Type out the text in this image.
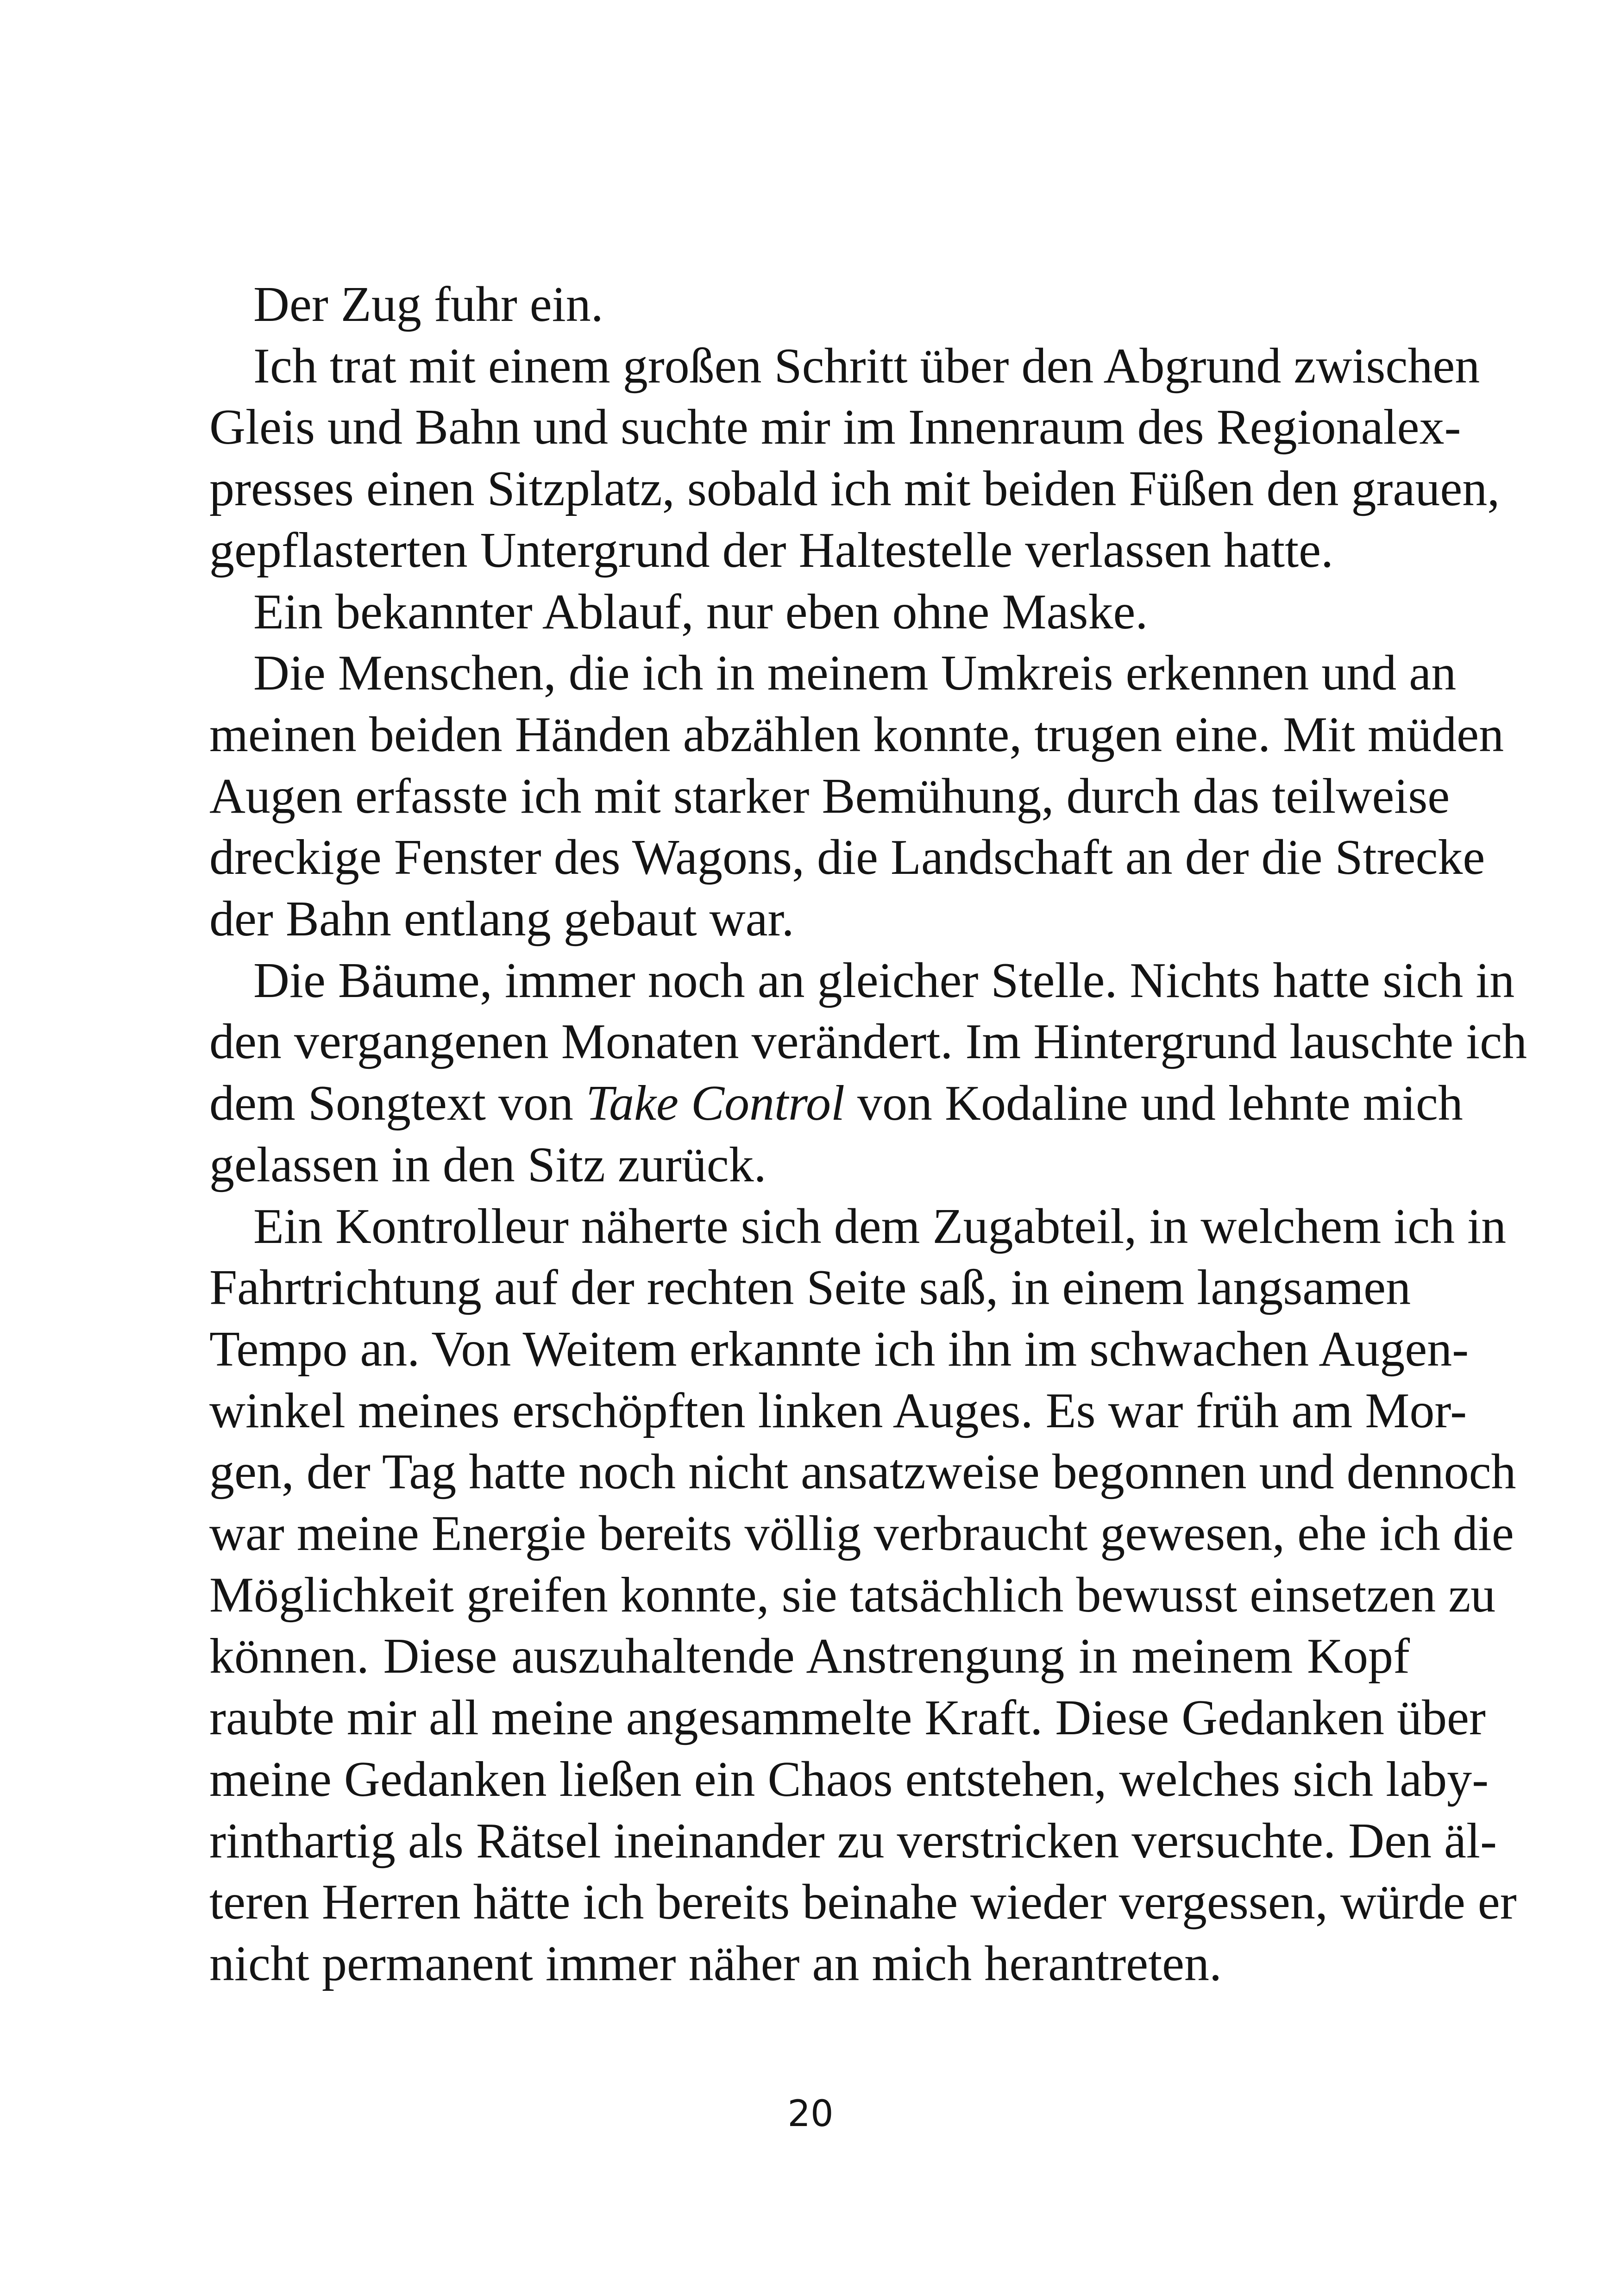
Der Zug fuhr ein.
Ich trat mit einem großen Schritt über den Abgrund zwischen
Gleis und Bahn und suchte mir im Innenraum des Regionalex-
presses einen Sitzplatz, sobald ich mit beiden Füßen den grauen,
gepflasterten Untergrund der Haltestelle verlassen hatte.
Ein bekannter Ablauf, nur eben ohne Maske.
Die Menschen, die ich in meinem Umkreis erkennen und an
meinen beiden Händen abzählen konnte, trugen eine. Mit müden
Augen erfasste ich mit starker Bemühung, durch das teilweise
dreckige Fenster des Wagons, die Landschaft an der die Strecke
der Bahn entlang gebaut war.
Die Bäume, immer noch an gleicher Stelle. Nichts hatte sich in
den vergangenen Monaten verändert. Im Hintergrund lauschte ich
dem Songtext von Take Control von Kodaline und lehnte mich
gelassen in den Sitz zurück.
Ein Kontrolleur näherte sich dem Zugabteil, in welchem ich in
Fahrtrichtung auf der rechten Seite saß, in einem langsamen
Tempo an. Von Weitem erkannte ich ihn im schwachen Augen-
winkel meines erschöpften linken Auges. Es war früh am Mor-
gen, der Tag hatte noch nicht ansatzweise begonnen und dennoch
war meine Energie bereits völlig verbraucht gewesen, ehe ich die
Möglichkeit greifen konnte, sie tatsächlich bewusst einsetzen zu
können. Diese auszuhaltende Anstrengung in meinem Kopf
raubte mir all meine angesammelte Kraft. Diese Gedanken über
meine Gedanken ließen ein Chaos entstehen, welches sich laby-
rinthartig als Rätsel ineinander zu verstricken versuchte. Den äl-
teren Herren hätte ich bereits beinahe wieder vergessen, würde er
nicht permanent immer näher an mich herantreten.
20
